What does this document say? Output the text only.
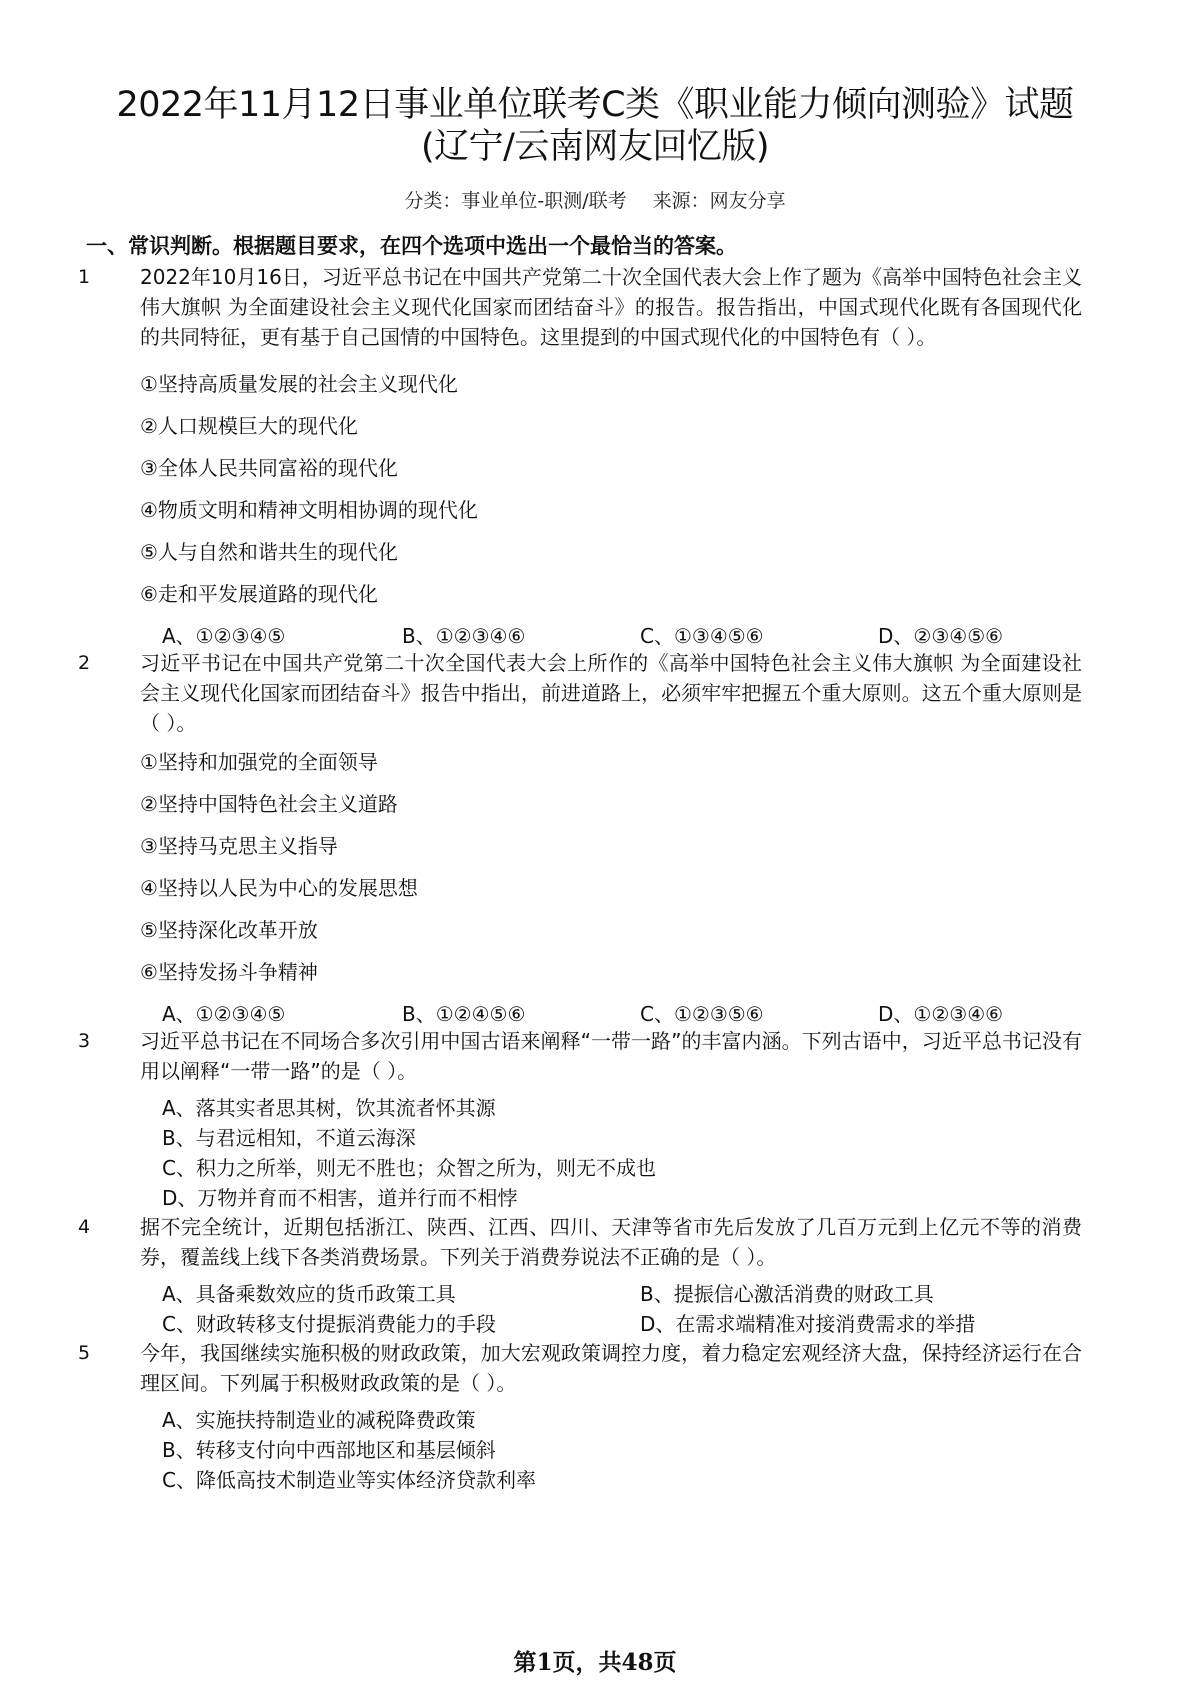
2022年11月12日事业单位联考C类《职业能力倾向测验》试题
(辽宁/云南网友回忆版)
分类：事业单位-职测/联考 来源：网友分享
一、常识判断。根据题目要求，在四个选项中选出一个最恰当的答案。
1	2022年10月16日，习近平总书记在中国共产党第二十次全国代表大会上作了题为《高举中国特色社会主义伟大旗帜 为全面建设社会主义现代化国家而团结奋斗》的报告。报告指出，中国式现代化既有各国现代化的共同特征，更有基于自己国情的中国特色。这里提到的中国式现代化的中国特色有（ ）。
①坚持高质量发展的社会主义现代化
②人口规模巨大的现代化
③全体人民共同富裕的现代化
④物质文明和精神文明相协调的现代化
⑤人与自然和谐共生的现代化
⑥走和平发展道路的现代化
A、①②③④⑤	B、①②③④⑥	C、①③④⑤⑥	D、②③④⑤⑥
2	习近平书记在中国共产党第二十次全国代表大会上所作的《高举中国特色社会主义伟大旗帜 为全面建设社会主义现代化国家而团结奋斗》报告中指出，前进道路上，必须牢牢把握五个重大原则。这五个重大原则是（ ）。
①坚持和加强党的全面领导
②坚持中国特色社会主义道路
③坚持马克思主义指导
④坚持以人民为中心的发展思想
⑤坚持深化改革开放
⑥坚持发扬斗争精神
A、①②③④⑤	B、①②④⑤⑥	C、①②③⑤⑥	D、①②③④⑥
3	习近平总书记在不同场合多次引用中国古语来阐释“一带一路”的丰富内涵。下列古语中，习近平总书记没有用以阐释“一带一路”的是（ ）。
A、落其实者思其树，饮其流者怀其源
B、与君远相知，不道云海深
C、积力之所举，则无不胜也；众智之所为，则无不成也
D、万物并育而不相害，道并行而不相悖
4	据不完全统计，近期包括浙江、陕西、江西、四川、天津等省市先后发放了几百万元到上亿元不等的消费券，覆盖线上线下各类消费场景。下列关于消费券说法不正确的是（ ）。
A、具备乘数效应的货币政策工具	B、提振信心激活消费的财政工具
C、财政转移支付提振消费能力的手段	D、在需求端精准对接消费需求的举措
5	今年，我国继续实施积极的财政政策，加大宏观政策调控力度，着力稳定宏观经济大盘，保持经济运行在合理区间。下列属于积极财政政策的是（ ）。
A、实施扶持制造业的减税降费政策
B、转移支付向中西部地区和基层倾斜
C、降低高技术制造业等实体经济贷款利率
第1页，共48页
